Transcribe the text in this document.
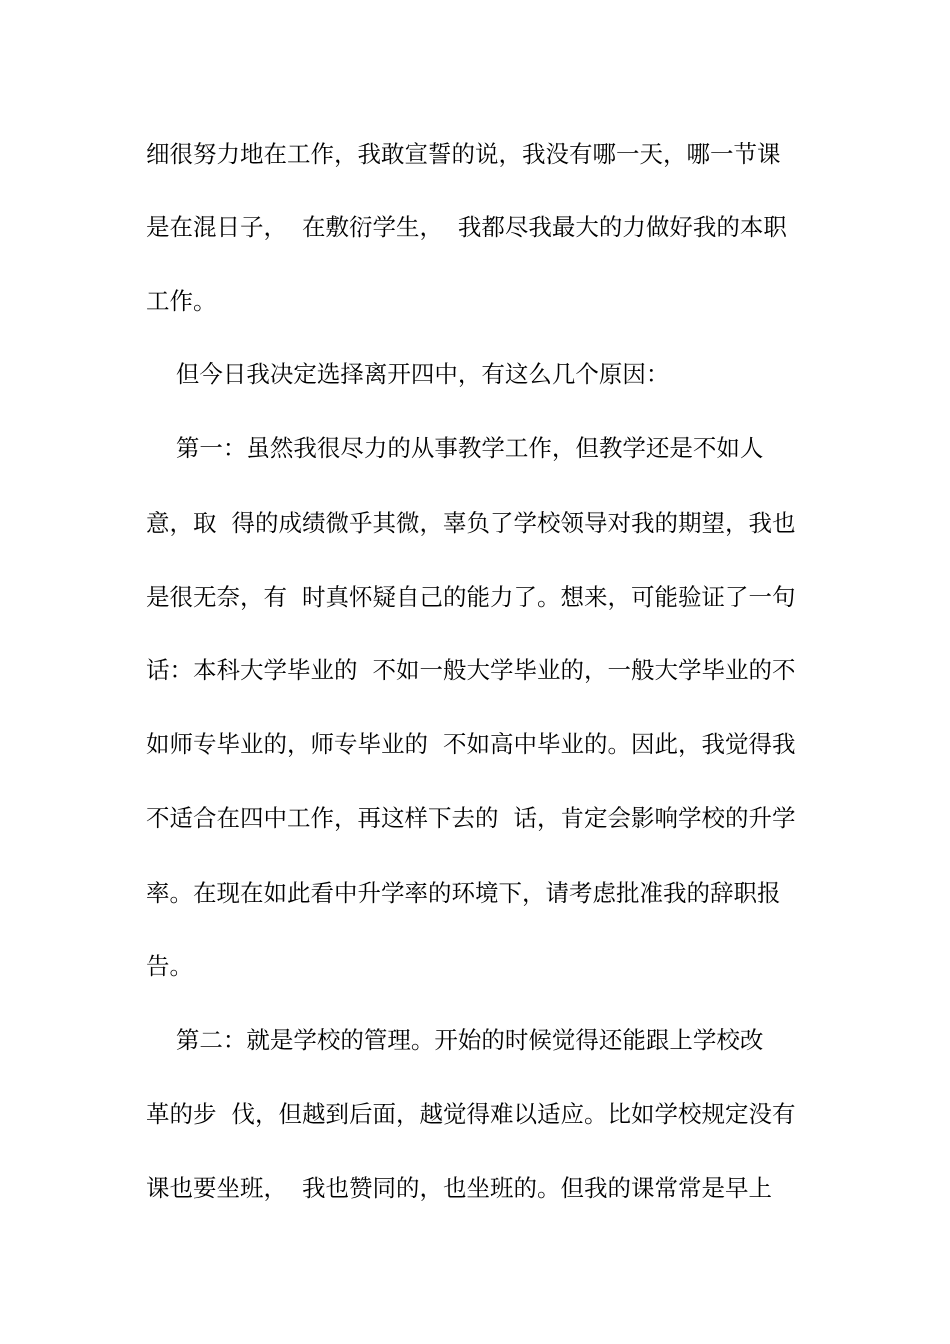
细很努力地在工作，我敢宣誓的说，我没有哪一天，哪一节课
是在混日子，  在敷衍学生，  我都尽我最大的力做好我的本职
工作。
但今日我决定选择离开四中，有这么几个原因：
第一：虽然我很尽力的从事教学工作，但教学还是不如人
意，取  得的成绩微乎其微，辜负了学校领导对我的期望，我也
是很无奈，有  时真怀疑自己的能力了。想来，可能验证了一句
话：本科大学毕业的  不如一般大学毕业的，一般大学毕业的不
如师专毕业的，师专毕业的  不如高中毕业的。因此，我觉得我
不适合在四中工作，再这样下去的  话，肯定会影响学校的升学
率。在现在如此看中升学率的环境下，请考虑批准我的辞职报
告。
第二：就是学校的管理。开始的时候觉得还能跟上学校改
革的步  伐，但越到后面，越觉得难以适应。比如学校规定没有
课也要坐班，  我也赞同的，也坐班的。但我的课常常是早上
